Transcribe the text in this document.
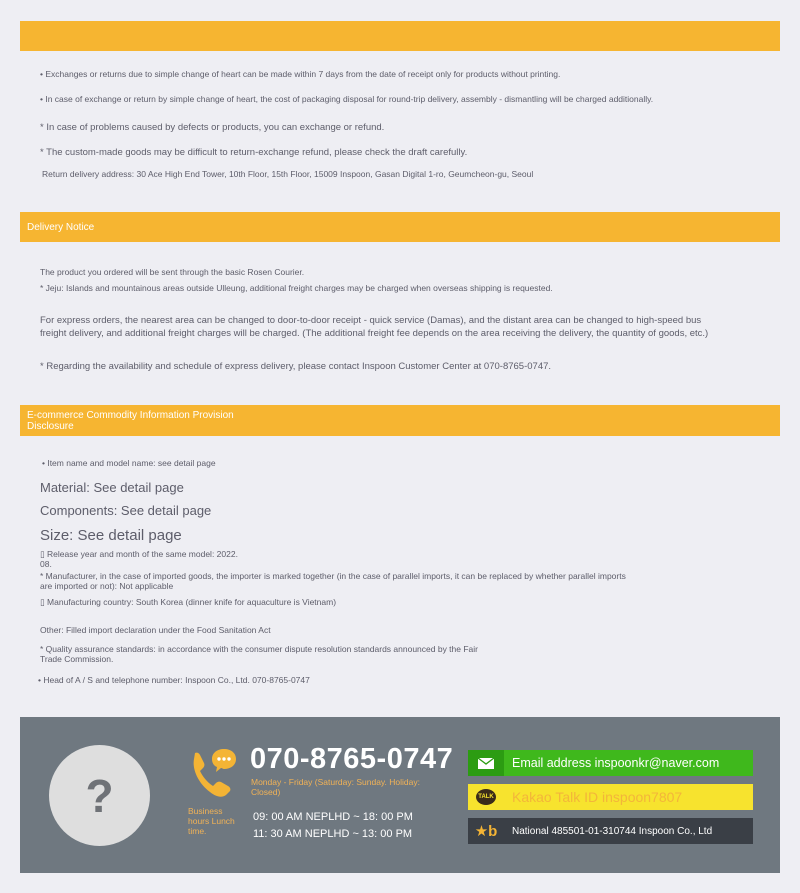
• Exchanges or returns due to simple change of heart can be made within 7 days from the date of receipt only for products without printing.
• In case of exchange or return by simple change of heart, the cost of packaging disposal for round-trip delivery, assembly - dismantling will be charged additionally.
* In case of problems caused by defects or products, you can exchange or refund.
* The custom-made goods may be difficult to return-exchange refund, please check the draft carefully.
Return delivery address: 30 Ace High End Tower, 10th Floor, 15th Floor, 15009 Inspoon, Gasan Digital 1-ro, Geumcheon-gu, Seoul
Delivery Notice
The product you ordered will be sent through the basic Rosen Courier.
* Jeju: Islands and mountainous areas outside Ulleung, additional freight charges may be charged when overseas shipping is requested.
For express orders, the nearest area can be changed to door-to-door receipt - quick service (Damas), and the distant area can be changed to high-speed bus freight delivery, and additional freight charges will be charged. (The additional freight fee depends on the area receiving the delivery, the quantity of goods, etc.)
* Regarding the availability and schedule of express delivery, please contact Inspoon Customer Center at 070-8765-0747.
E-commerce Commodity Information Provision Disclosure
• Item name and model name: see detail page
Material: See detail page
Components: See detail page
Size: See detail page
▯ Release year and month of the same model: 2022. 08.
* Manufacturer, in the case of imported goods, the importer is marked together (in the case of parallel imports, it can be replaced by whether parallel imports are imported or not): Not applicable
▯ Manufacturing country: South Korea (dinner knife for aquaculture is Vietnam)
Other: Filled import declaration under the Food Sanitation Act
* Quality assurance standards: in accordance with the consumer dispute resolution standards announced by the Fair Trade Commission.
• Head of A / S and telephone number: Inspoon Co., Ltd. 070-8765-0747
?
070-8765-0747
Monday - Friday (Saturday: Sunday. Holiday: Closed)
Business hours Lunch time.
09: 00 AM NEPLHD ~ 18: 00 PM
11: 30 AM NEPLHD ~ 13: 00 PM
Email address inspoonkr@naver.com
TALK	Kakao Talk ID inspoon7807
★b	National 485501-01-310744 Inspoon Co., Ltd
